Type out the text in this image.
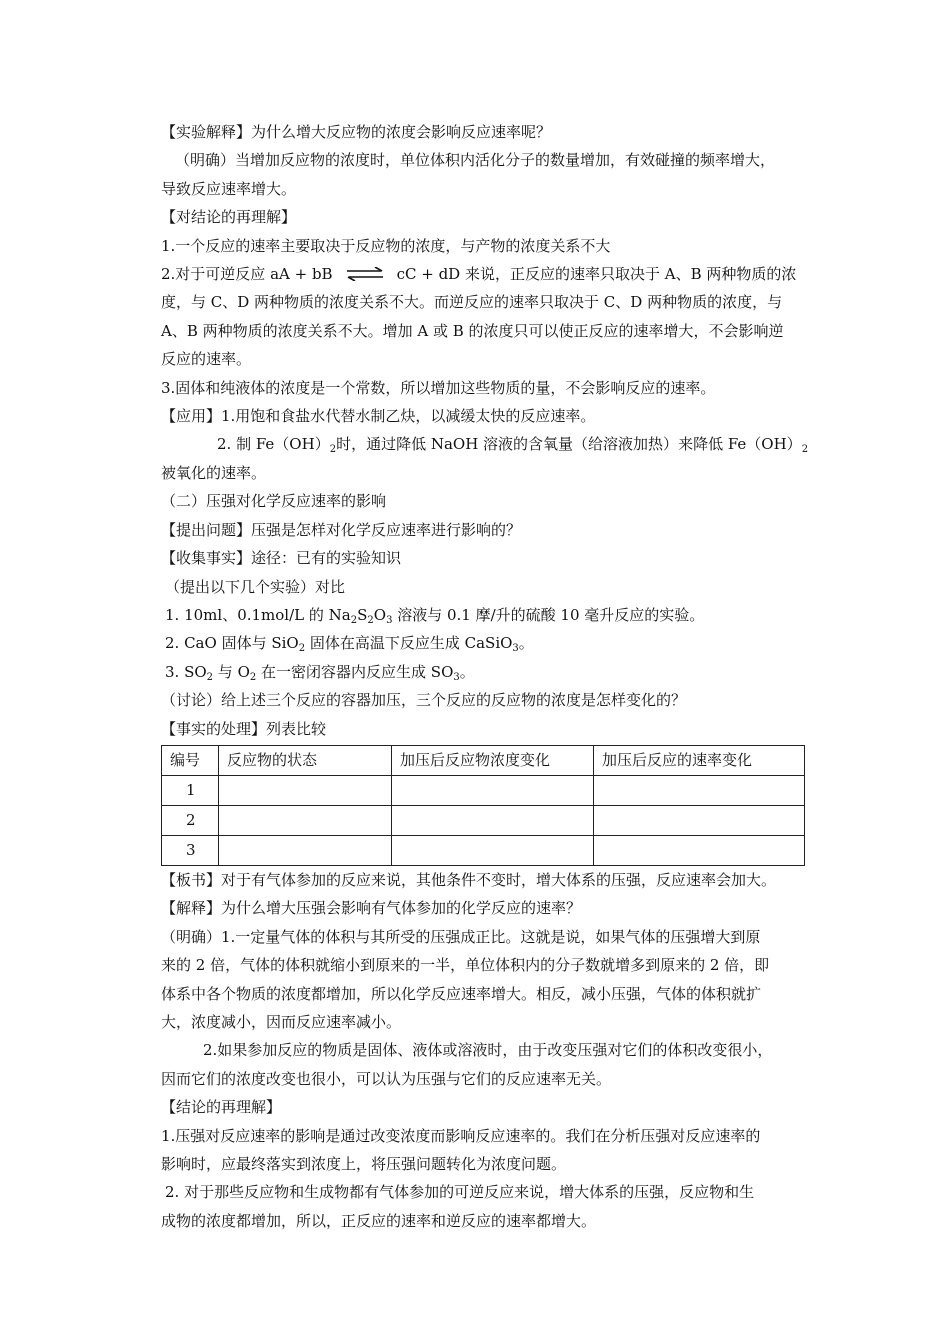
【实验解释】为什么增大反应物的浓度会影响反应速率呢？

（明确）当增加反应物的浓度时，单位体积内活化分子的数量增加，有效碰撞的频率增大，

导致反应速率增大。

【对结论的再理解】

1.一个反应的速率主要取决于反应物的浓度，与产物的浓度关系不大

2.对于可逆反应 aA + bB ⇌ cC + dD 来说，正反应的速率只取决于 A、B 两种物质的浓

度，与 C、D 两种物质的浓度关系不大。而逆反应的速率只取决于 C、D 两种物质的浓度，与

A、B 两种物质的浓度关系不大。增加 A 或 B 的浓度只可以使正反应的速率增大，不会影响逆

反应的速率。

3.固体和纯液体的浓度是一个常数，所以增加这些物质的量，不会影响反应的速率。

【应用】1.用饱和食盐水代替水制乙炔，以减缓太快的反应速率。

2. 制 $Fe(OH)_2$时，通过降低 NaOH 溶液的含氧量（给溶液加热）来降低 $Fe(OH)_2$

被氧化的速率。

（二）压强对化学反应速率的影响

【提出问题】压强是怎样对化学反应速率进行影响的？

【收集事实】途径：已有的实验知识

（提出以下几个实验）对比

1. 10ml、0.1mol/L 的 $Na_2S_2O_3$ 溶液与 0.1 摩/升的硫酸 10 毫升反应的实验。

2. CaO 固体与 SiO$_2$ 固体在高温下反应生成 CaSiO$_3$。

3. $SO_2$ 与 $O_2$ 在一密闭容器内反应生成 $SO_3$。

（讨论）给上述三个反应的容器加压，三个反应的反应物的浓度是怎样变化的？

【事实的处理】列表比较

编号	反应物的状态	加压后反应物浓度变化	加压后反应的速率变化
1			
2			
3			

【板书】对于有气体参加的反应来说，其他条件不变时，增大体系的压强，反应速率会加大。

【解释】为什么增大压强会影响有气体参加的化学反应的速率？

（明确）1.一定量气体的体积与其所受的压强成正比。这就是说，如果气体的压强增大到原

来的 2 倍，气体的体积就缩小到原来的一半，单位体积内的分子数就增多到原来的 2 倍，即

体系中各个物质的浓度都增加，所以化学反应速率增大。相反，减小压强，气体的体积就扩

大，浓度减小，因而反应速率减小。

2.如果参加反应的物质是固体、液体或溶液时，由于改变压强对它们的体积改变很小，

因而它们的浓度改变也很小，可以认为压强与它们的反应速率无关。

【结论的再理解】

1.压强对反应速率的影响是通过改变浓度而影响反应速率的。我们在分析压强对反应速率的

影响时，应最终落实到浓度上，将压强问题转化为浓度问题。

2. 对于那些反应物和生成物都有气体参加的可逆反应来说，增大体系的压强，反应物和生

成物的浓度都增加，所以，正反应的速率和逆反应的速率都增大。
